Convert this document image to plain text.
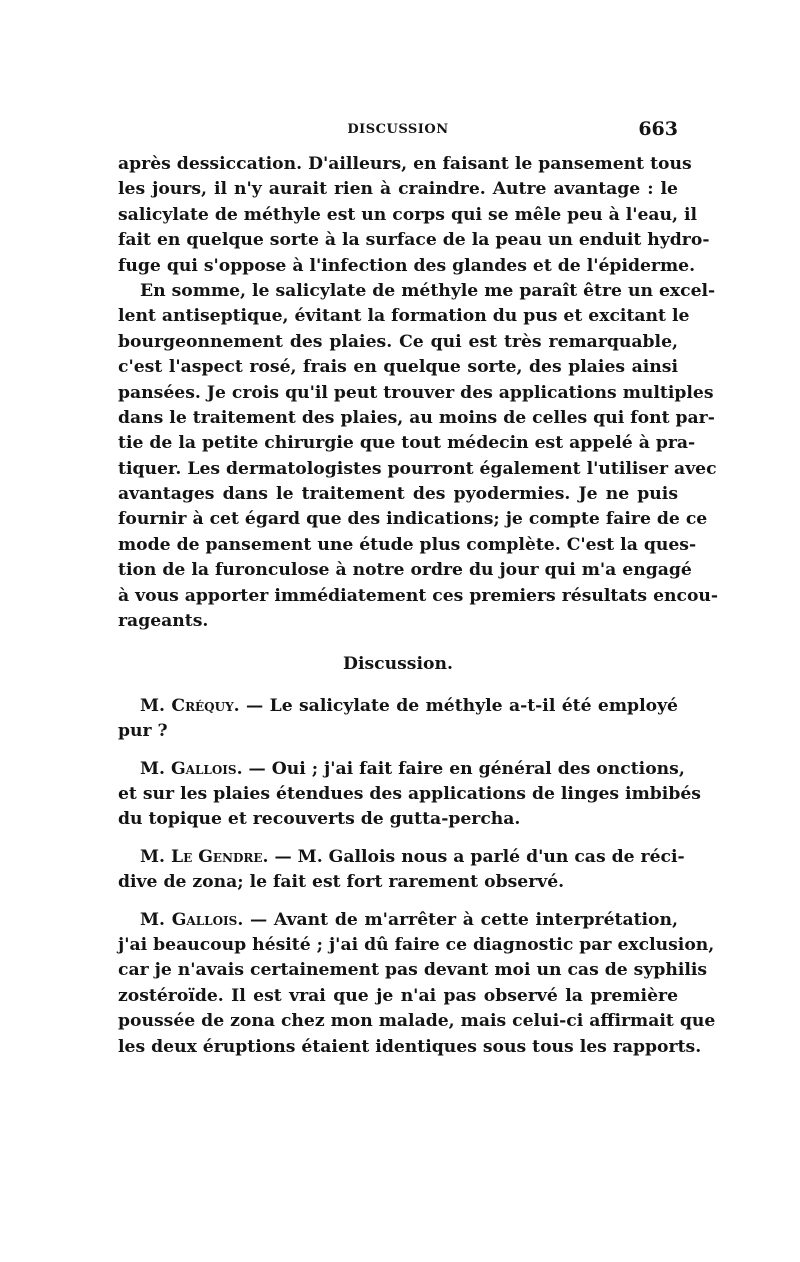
DISCUSSION	663
après dessiccation. D'ailleurs, en faisant le pansement tous
les jours, il n'y aurait rien à craindre. Autre avantage : le
salicylate de méthyle est un corps qui se mêle peu à l'eau, il
fait en quelque sorte à la surface de la peau un enduit hydro-
fuge qui s'oppose à l'infection des glandes et de l'épiderme.
En somme, le salicylate de méthyle me paraît être un excel-
lent antiseptique, évitant la formation du pus et excitant le
bourgeonnement des plaies. Ce qui est très remarquable,
c'est l'aspect rosé, frais en quelque sorte, des plaies ainsi
pansées. Je crois qu'il peut trouver des applications multiples
dans le traitement des plaies, au moins de celles qui font par-
tie de la petite chirurgie que tout médecin est appelé à pra-
tiquer. Les dermatologistes pourront également l'utiliser avec
avantages dans le traitement des pyodermies. Je ne puis
fournir à cet égard que des indications; je compte faire de ce
mode de pansement une étude plus complète. C'est la ques-
tion de la furonculose à notre ordre du jour qui m'a engagé
à vous apporter immédiatement ces premiers résultats encou-
rageants.
Discussion.
M. Créquy. — Le salicylate de méthyle a-t-il été employé
pur ?
M. Gallois. — Oui ; j'ai fait faire en général des onctions,
et sur les plaies étendues des applications de linges imbibés
du topique et recouverts de gutta-percha.
M. Le Gendre. — M. Gallois nous a parlé d'un cas de réci-
dive de zona; le fait est fort rarement observé.
M. Gallois. — Avant de m'arrêter à cette interprétation,
j'ai beaucoup hésité ; j'ai dû faire ce diagnostic par exclusion,
car je n'avais certainement pas devant moi un cas de syphilis
zostéroïde. Il est vrai que je n'ai pas observé la première
poussée de zona chez mon malade, mais celui-ci affirmait que
les deux éruptions étaient identiques sous tous les rapports.
